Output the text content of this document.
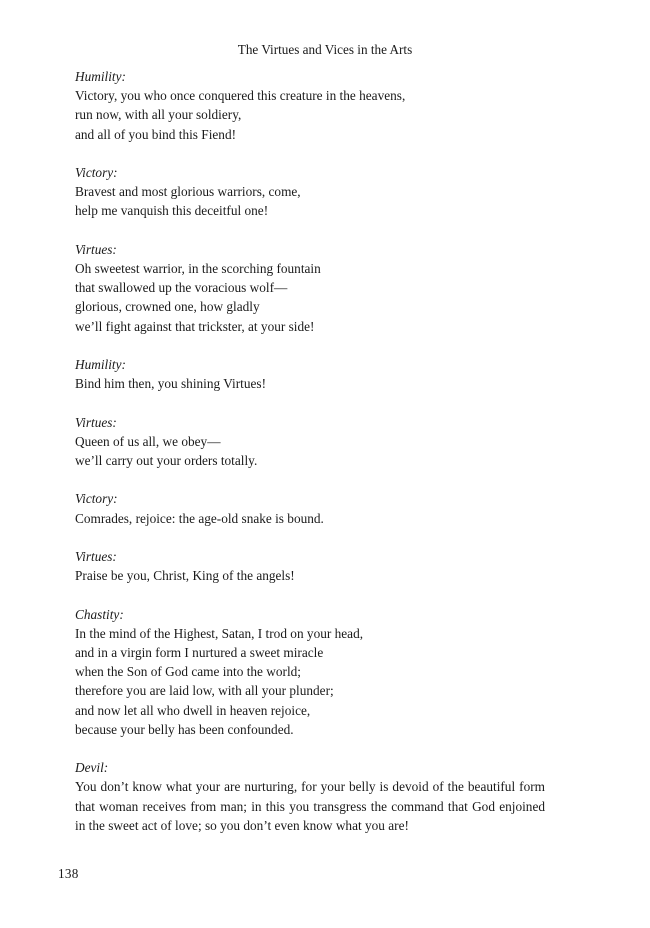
The Virtues and Vices in the Arts
Humility:
Victory, you who once conquered this creature in the heavens,
run now, with all your soldiery,
and all of you bind this Fiend!
Victory:
Bravest and most glorious warriors, come,
help me vanquish this deceitful one!
Virtues:
Oh sweetest warrior, in the scorching fountain
that swallowed up the voracious wolf—
glorious, crowned one, how gladly
we’ll fight against that trickster, at your side!
Humility:
Bind him then, you shining Virtues!
Virtues:
Queen of us all, we obey—
we’ll carry out your orders totally.
Victory:
Comrades, rejoice: the age-old snake is bound.
Virtues:
Praise be you, Christ, King of the angels!
Chastity:
In the mind of the Highest, Satan, I trod on your head,
and in a virgin form I nurtured a sweet miracle
when the Son of God came into the world;
therefore you are laid low, with all your plunder;
and now let all who dwell in heaven rejoice,
because your belly has been confounded.
Devil:
You don’t know what your are nurturing, for your belly is devoid of the beautiful form that woman receives from man; in this you transgress the command that God enjoined in the sweet act of love; so you don’t even know what you are!
138
